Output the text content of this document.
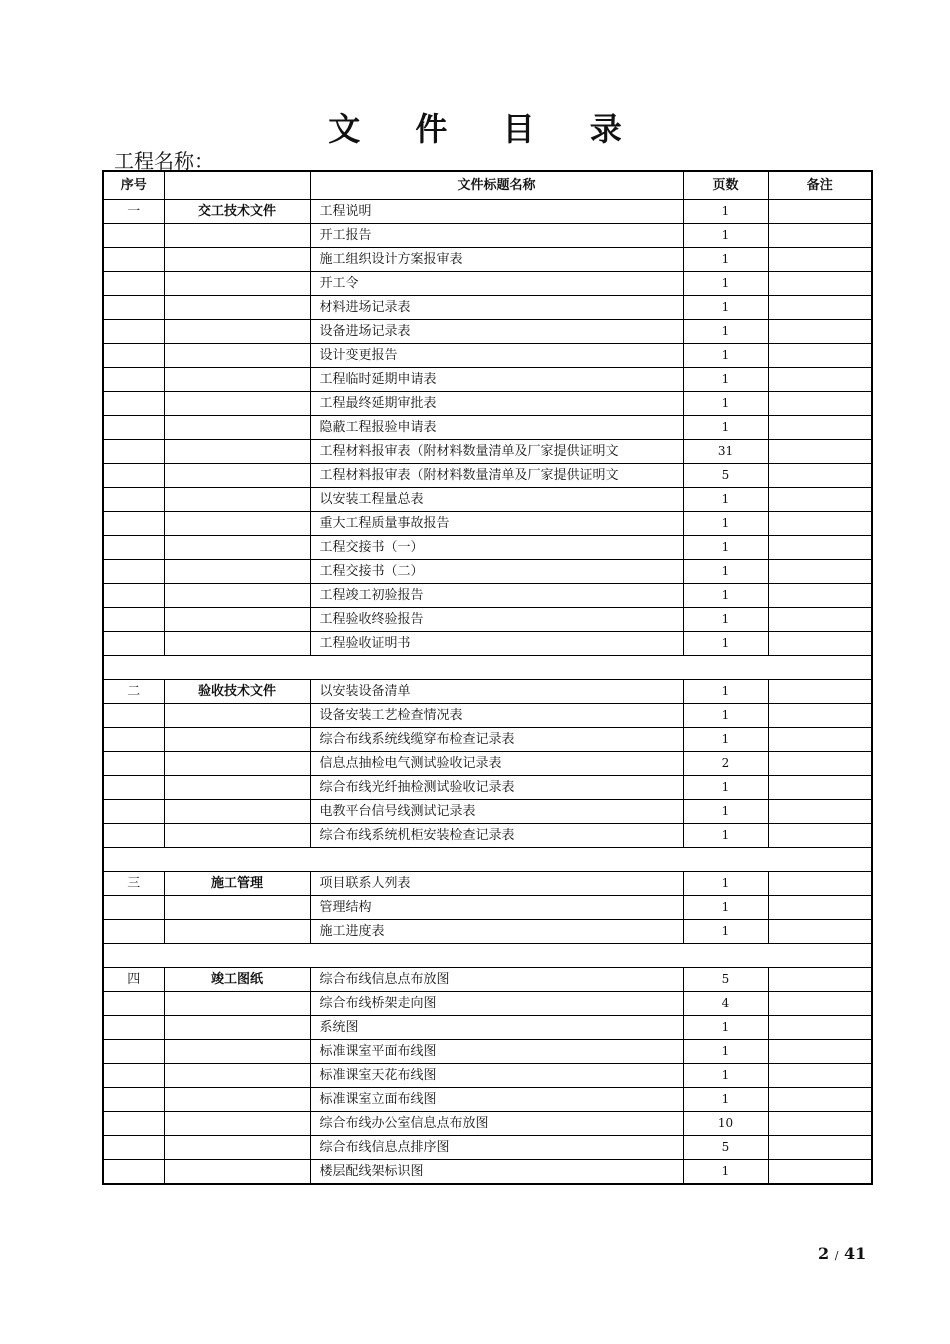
文 件 目 录
工程名称：
序号		文件标题名称	页数	备注
一	交工技术文件	工程说明	1	
		开工报告	1	
		施工组织设计方案报审表	1	
		开工令	1	
		材料进场记录表	1	
		设备进场记录表	1	
		设计变更报告	1	
		工程临时延期申请表	1	
		工程最终延期审批表	1	
		隐蔽工程报验申请表	1	
		工程材料报审表（附材料数量清单及厂家提供证明文	31	
		工程材料报审表（附材料数量清单及厂家提供证明文	5	
		以安装工程量总表	1	
		重大工程质量事故报告	1	
		工程交接书（一）	1	
		工程交接书（二）	1	
		工程竣工初验报告	1	
		工程验收终验报告	1	
		工程验收证明书	1	

二	验收技术文件	以安装设备清单	1	
		设备安装工艺检查情况表	1	
		综合布线系统线缆穿布检查记录表	1	
		信息点抽检电气测试验收记录表	2	
		综合布线光纤抽检测试验收记录表	1	
		电教平台信号线测试记录表	1	
		综合布线系统机柜安装检查记录表	1	

三	施工管理	项目联系人列表	1	
		管理结构	1	
		施工进度表	1	

四	竣工图纸	综合布线信息点布放图	5	
		综合布线桥架走向图	4	
		系统图	1	
		标准课室平面布线图	1	
		标准课室天花布线图	1	
		标准课室立面布线图	1	
		综合布线办公室信息点布放图	10	
		综合布线信息点排序图	5	
		楼层配线架标识图	1	
2 / 41
